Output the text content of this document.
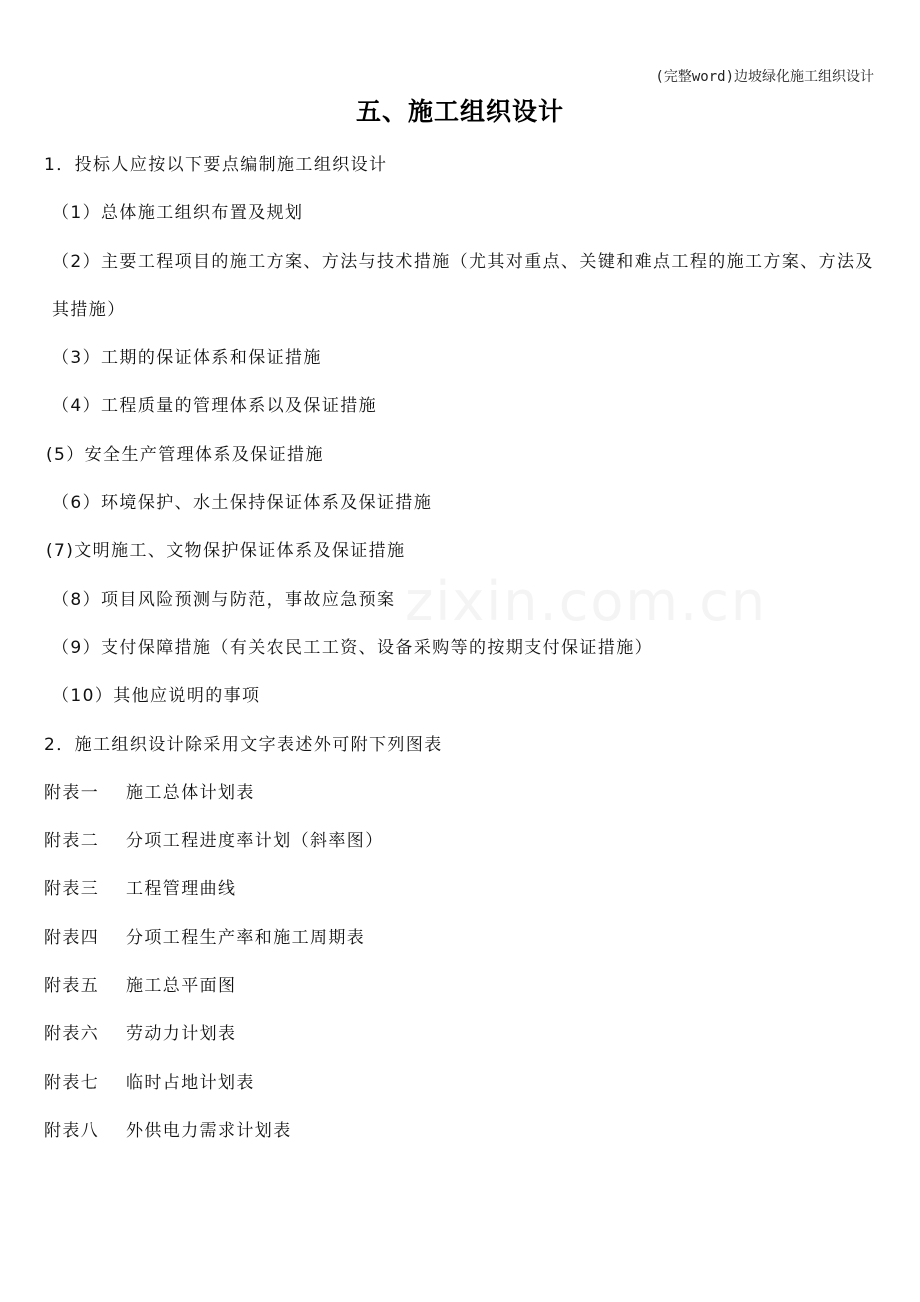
(完整word)边坡绿化施工组织设计
五、施工组织设计
1．投标人应按以下要点编制施工组织设计
（1）总体施工组织布置及规划
（2）主要工程项目的施工方案、方法与技术措施（尤其对重点、关键和难点工程的施工方案、方法及其措施）
（3）工期的保证体系和保证措施
（4）工程质量的管理体系以及保证措施
(5）安全生产管理体系及保证措施
（6）环境保护、水土保持保证体系及保证措施
(7)文明施工、文物保护保证体系及保证措施
（8）项目风险预测与防范，事故应急预案
（9）支付保障措施（有关农民工工资、设备采购等的按期支付保证措施）
（10）其他应说明的事项
2．施工组织设计除采用文字表述外可附下列图表
附表一 施工总体计划表
附表二 分项工程进度率计划（斜率图）
附表三 工程管理曲线
附表四 分项工程生产率和施工周期表
附表五 施工总平面图
附表六 劳动力计划表
附表七 临时占地计划表
附表八 外供电力需求计划表
zixin.com.cn
